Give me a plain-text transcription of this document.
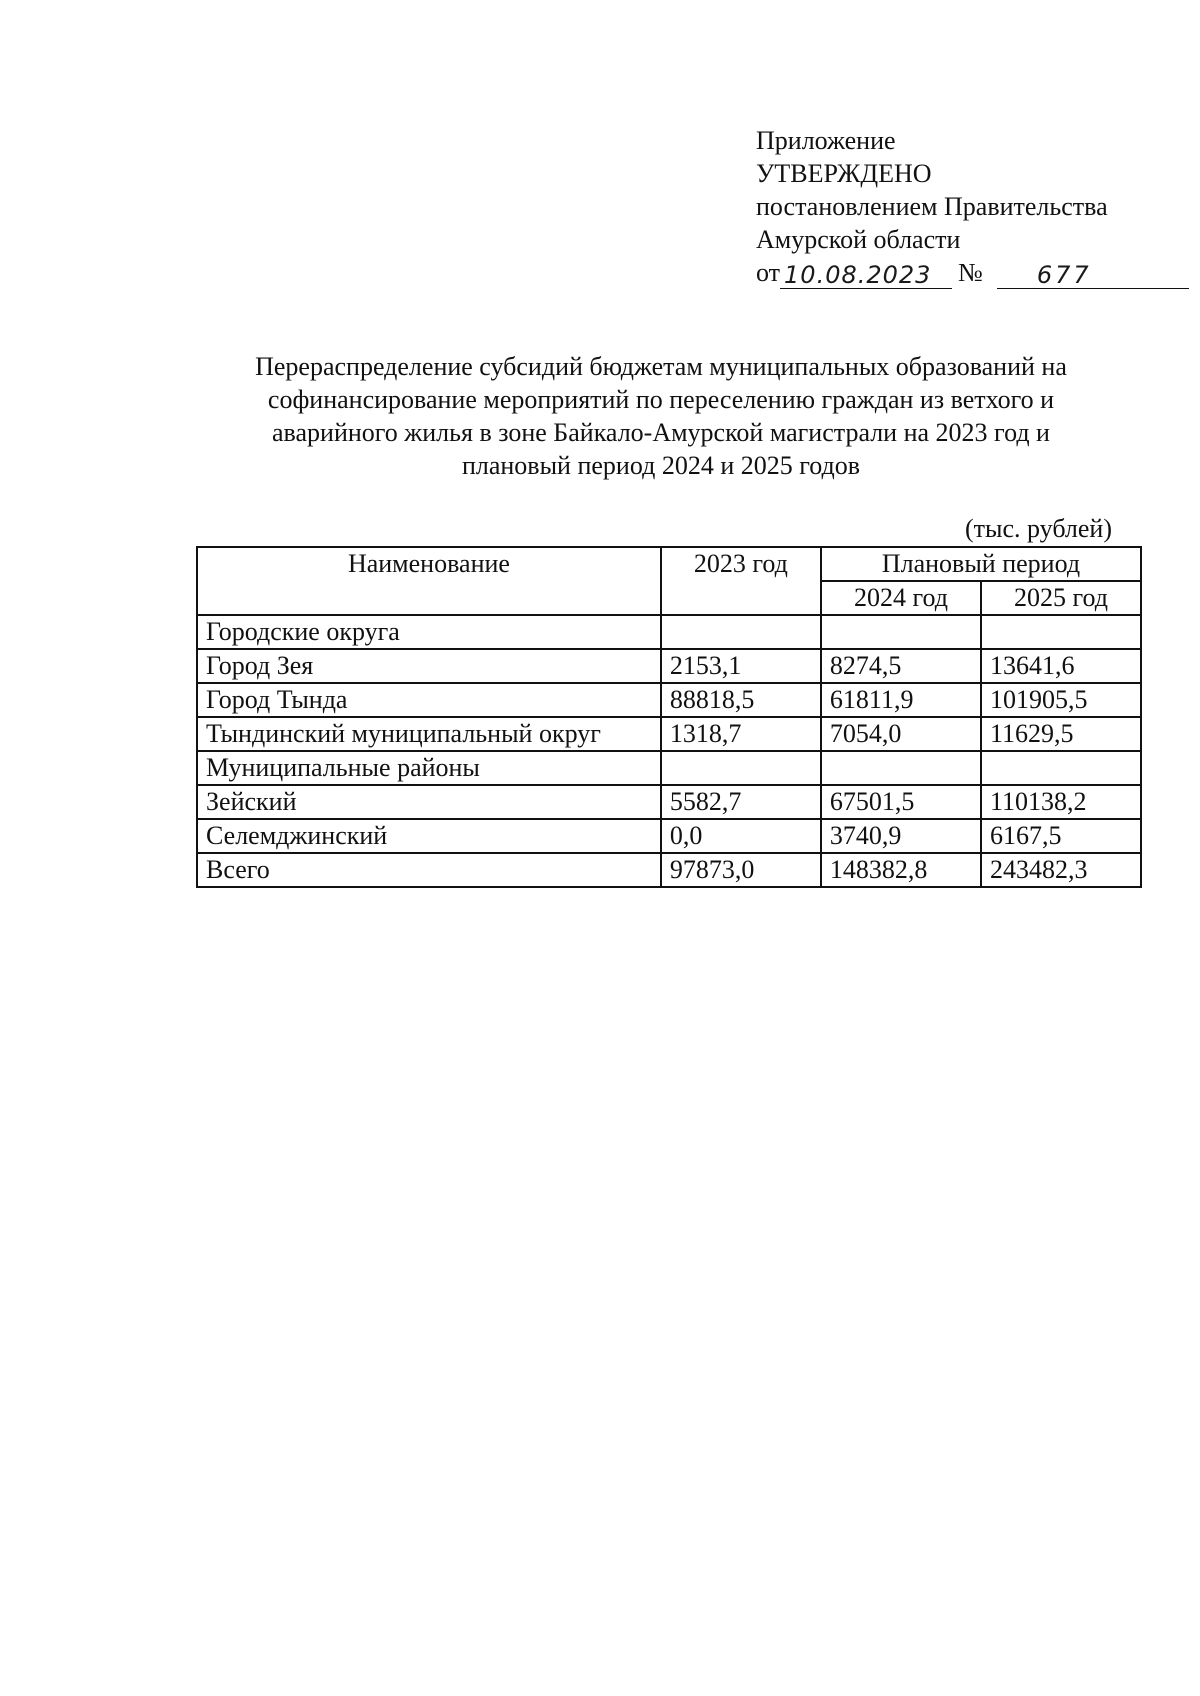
Приложение
УТВЕРЖДЕНО
постановлением Правительства
Амурской области
от 10.08.2023	№	677
Перераспределение субсидий бюджетам муниципальных образований на
софинансирование мероприятий по переселению граждан из ветхого и
аварийного жилья в зоне Байкало-Амурской магистрали на 2023 год и
плановый период 2024 и 2025 годов
(тыс. рублей)
Наименование	2023 год	Плановый период	
		2024 год	2025 год
Городские округа			
Город Зея	2153,1	8274,5	13641,6
Город Тында	88818,5	61811,9	101905,5
Тындинский муниципальный округ	1318,7	7054,0	11629,5
Муниципальные районы			
Зейский	5582,7	67501,5	110138,2
Селемджинский	0,0	3740,9	6167,5
Всего	97873,0	148382,8	243482,3
